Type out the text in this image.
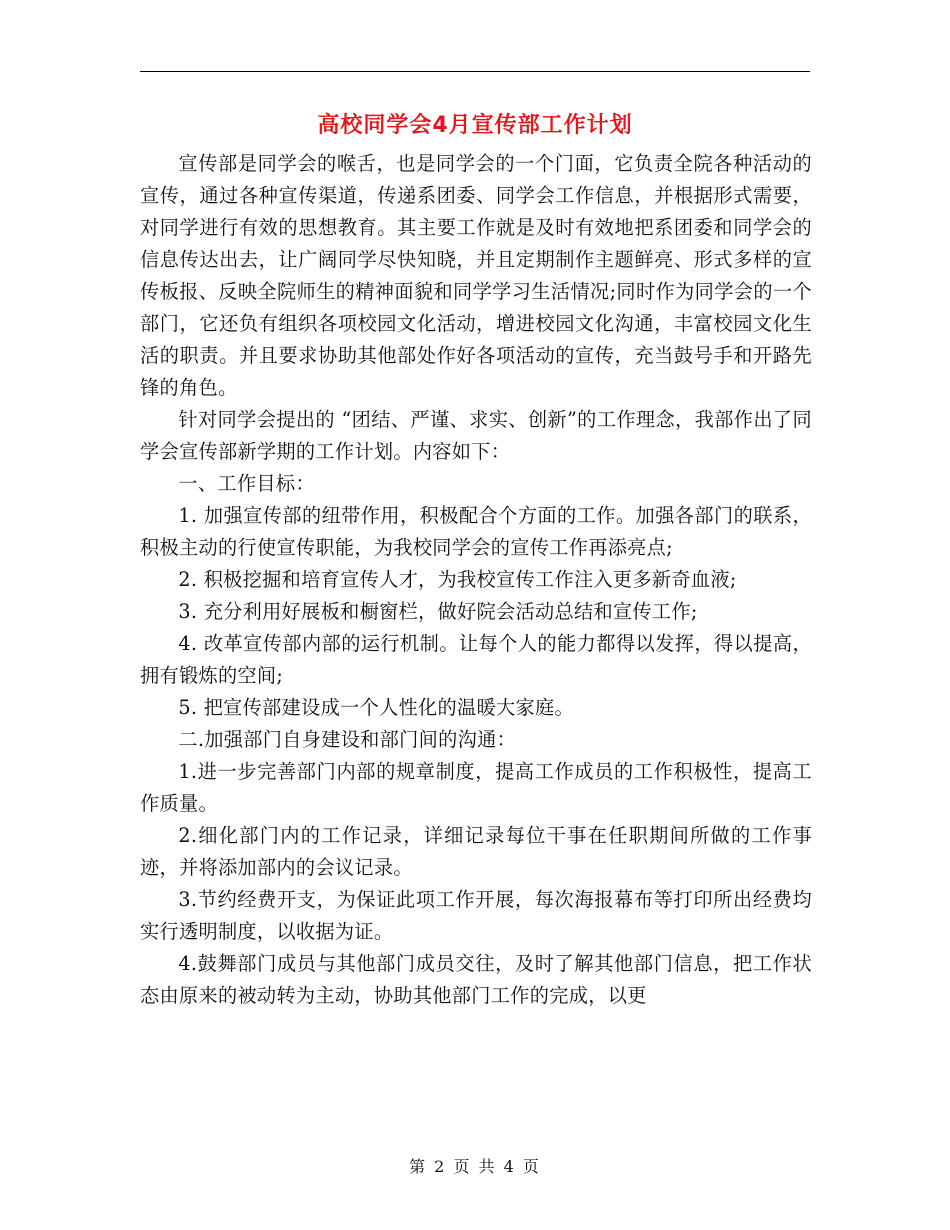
高校同学会4月宣传部工作计划

宣传部是同学会的喉舌，也是同学会的一个门面，它负责全院各种活动的宣传，通过各种宣传渠道，传递系团委、同学会工作信息，并根据形式需要，对同学进行有效的思想教育。其主要工作就是及时有效地把系团委和同学会的信息传达出去，让广阔同学尽快知晓，并且定期制作主题鲜亮、形式多样的宣传板报、反映全院师生的精神面貌和同学学习生活情况;同时作为同学会的一个部门，它还负有组织各项校园文化活动，增进校园文化沟通，丰富校园文化生活的职责。并且要求协助其他部处作好各项活动的宣传，充当鼓号手和开路先锋的角色。

针对同学会提出的 “团结、严谨、求实、创新”的工作理念，我部作出了同学会宣传部新学期的工作计划。内容如下：

一、工作目标：

1. 加强宣传部的纽带作用，积极配合个方面的工作。加强各部门的联系，积极主动的行使宣传职能，为我校同学会的宣传工作再添亮点;

2. 积极挖掘和培育宣传人才，为我校宣传工作注入更多新奇血液;

3. 充分利用好展板和橱窗栏，做好院会活动总结和宣传工作;

4. 改革宣传部内部的运行机制。让每个人的能力都得以发挥，得以提高，拥有锻炼的空间;

5. 把宣传部建设成一个人性化的温暖大家庭。

二.加强部门自身建设和部门间的沟通：

1.进一步完善部门内部的规章制度，提高工作成员的工作积极性，提高工作质量。

2.细化部门内的工作记录，详细记录每位干事在任职期间所做的工作事迹，并将添加部内的会议记录。

3.节约经费开支，为保证此项工作开展，每次海报幕布等打印所出经费均实行透明制度，以收据为证。

4.鼓舞部门成员与其他部门成员交往，及时了解其他部门信息，把工作状态由原来的被动转为主动，协助其他部门工作的完成，以更

第 2 页 共 4 页
